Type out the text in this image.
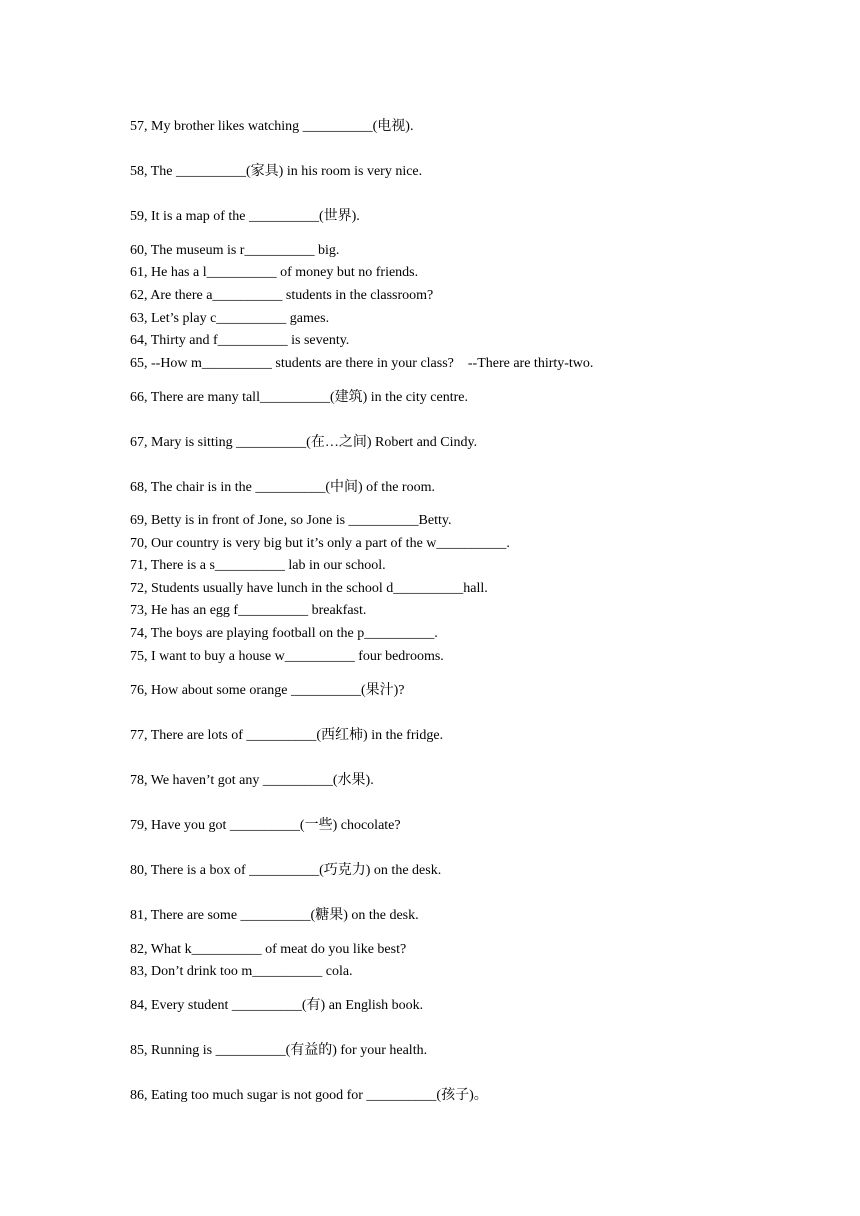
57, My brother likes watching __________(电视).

58, The __________(家具) in his room is very nice.

59, It is a map of the __________(世界).

60, The museum is r__________ big.

61, He has a l__________ of money but no friends.

62, Are there a__________ students in the classroom?

63, Let’s play c__________ games.

64, Thirty and f__________ is seventy.

65, --How m__________ students are there in your class?    --There are thirty-two.

66, There are many tall__________(建筑) in the city centre.

67, Mary is sitting __________(在…之间) Robert and Cindy.

68, The chair is in the __________(中间) of the room.

69, Betty is in front of Jone, so Jone is __________Betty.

70, Our country is very big but it’s only a part of the w__________.

71, There is a s__________ lab in our school.

72, Students usually have lunch in the school d__________hall.

73, He has an egg f__________ breakfast.

74, The boys are playing football on the p__________.

75, I want to buy a house w__________ four bedrooms.

76, How about some orange __________(果汁)?

77, There are lots of __________(西红柿) in the fridge.

78, We haven’t got any __________(水果).

79, Have you got __________(一些) chocolate?

80, There is a box of __________(巧克力) on the desk.

81, There are some __________(糖果) on the desk.

82, What k__________ of meat do you like best?

83, Don’t drink too m__________ cola.

84, Every student __________(有) an English book.

85, Running is __________(有益的) for your health.

86, Eating too much sugar is not good for __________(孩子)。
